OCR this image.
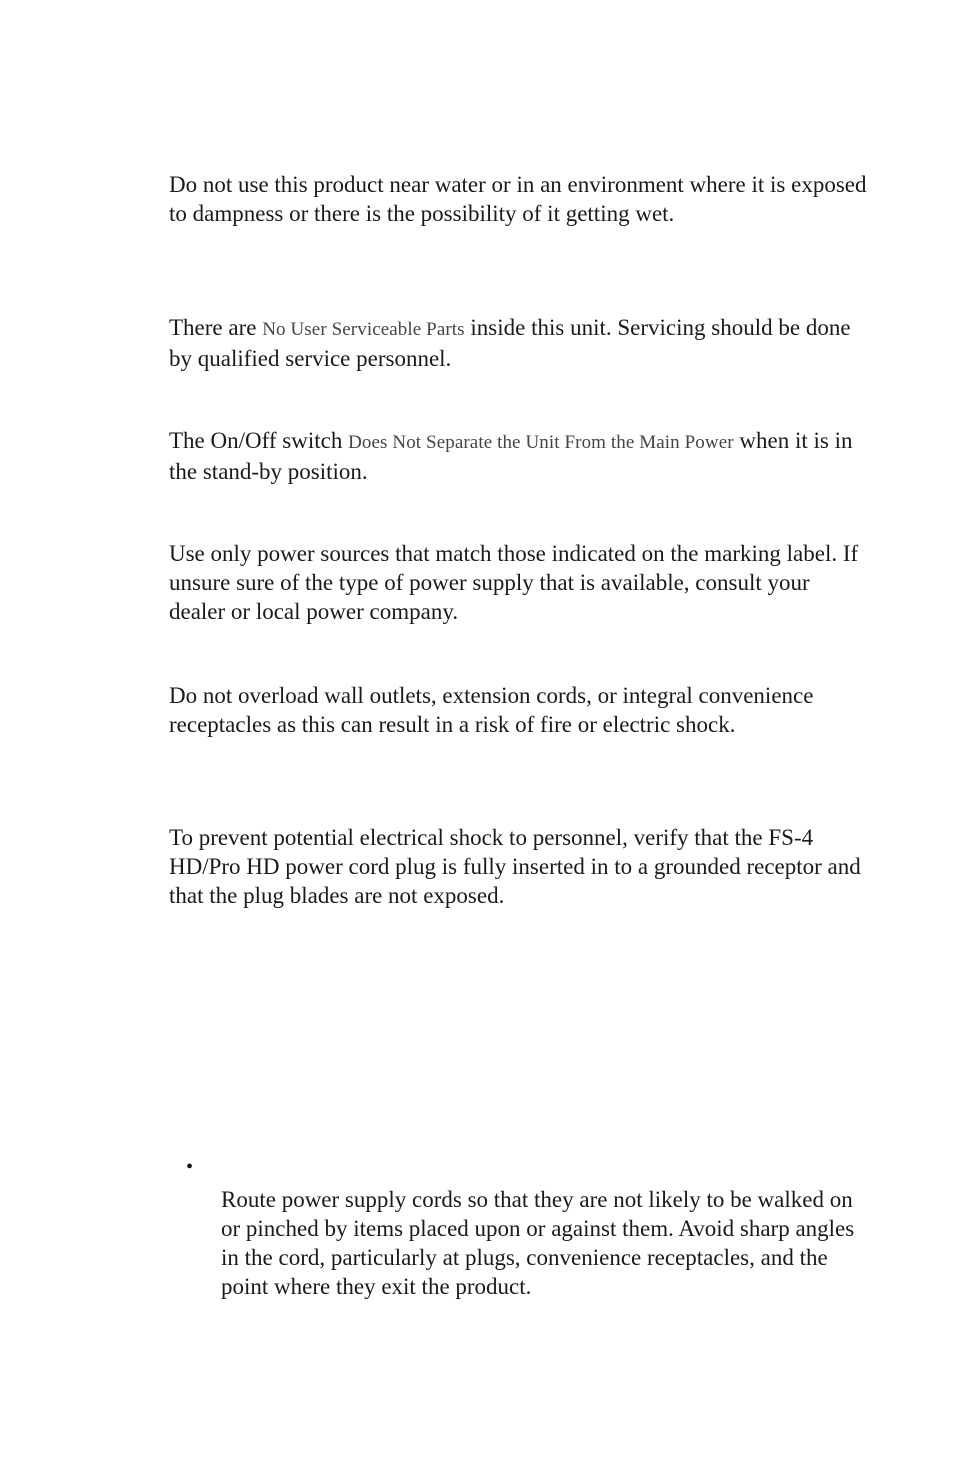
Do not use this product near water or in an environment where it is exposed to dampness or there is the possibility of it getting wet.

There are No User Serviceable Parts inside this unit. Servicing should be done by qualified service personnel.

The On/Off switch Does Not Separate the Unit From the Main Power when it is in the stand-by position.

Use only power sources that match those indicated on the marking label. If unsure sure of the type of power supply that is available, consult your dealer or local power company.

Do not overload wall outlets, extension cords, or integral convenience receptacles as this can result in a risk of fire or electric shock.

To prevent potential electrical shock to personnel, verify that the FS-4 HD/Pro HD power cord plug is fully inserted in to a grounded receptor and that the plug blades are not exposed.

•

Route power supply cords so that they are not likely to be walked on or pinched by items placed upon or against them. Avoid sharp angles in the cord, particularly at plugs, convenience receptacles, and the point where they exit the product.
